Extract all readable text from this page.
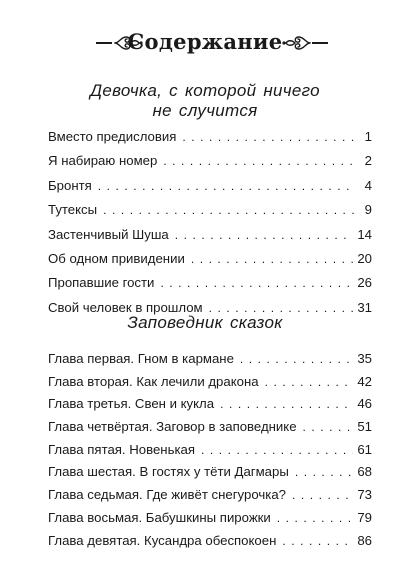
Содержание
Девочка, с которой ничего
не случится
Вместо предисловия . . .	1
Я набираю номер . . .	2
Бронтя . . .	4
Тутексы . . .	9
Застенчивый Шуша . . .	14
Об одном привидении . . .	20
Пропавшие гости . . .	26
Свой человек в прошлом . . .	31
Заповедник сказок
Глава первая. Гном в кармане . . .	35
Глава вторая. Как лечили дракона . . .	42
Глава третья. Свен и кукла . . .	46
Глава четвёртая. Заговор в заповеднике . . .	51
Глава пятая. Новенькая . . .	61
Глава шестая. В гостях у тёти Дагмары . . .	68
Глава седьмая. Где живёт снегурочка? . . .	73
Глава восьмая. Бабушкины пирожки . . .	79
Глава девятая. Кусандра обеспокоен . . .	86
